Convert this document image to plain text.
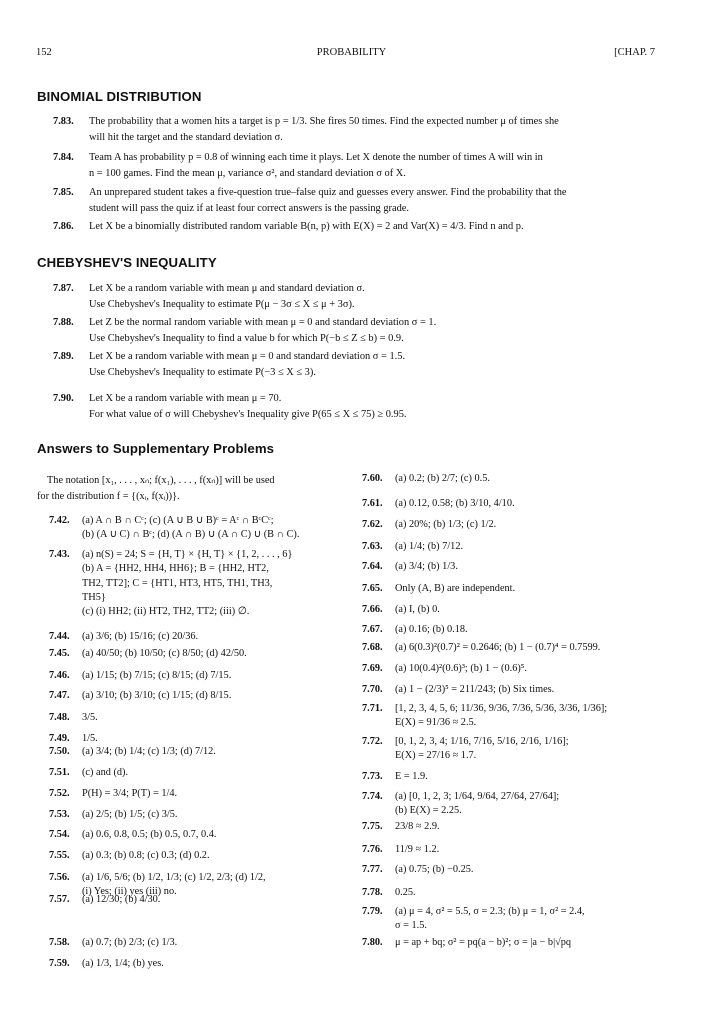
152	PROBABILITY	[CHAP. 7
BINOMIAL DISTRIBUTION
7.83. The probability that a women hits a target is p = 1/3. She fires 50 times. Find the expected number μ of times she
will hit the target and the standard deviation σ.
7.84. Team A has probability p = 0.8 of winning each time it plays. Let X denote the number of times A will win in
n = 100 games. Find the mean μ, variance σ², and standard deviation σ of X.
7.85. An unprepared student takes a five-question true–false quiz and guesses every answer. Find the probability that the
student will pass the quiz if at least four correct answers is the passing grade.
7.86. Let X be a binomially distributed random variable B(n, p) with E(X) = 2 and Var(X) = 4/3. Find n and p.
CHEBYSHEV'S INEQUALITY
7.87. Let X be a random variable with mean μ and standard deviation σ.
Use Chebyshev's Inequality to estimate P(μ − 3σ ≤ X ≤ μ + 3σ).
7.88. Let Z be the normal random variable with mean μ = 0 and standard deviation σ = 1.
Use Chebyshev's Inequality to find a value b for which P(−b ≤ Z ≤ b) = 0.9.
7.89. Let X be a random variable with mean μ = 0 and standard deviation σ = 1.5.
Use Chebyshev's Inequality to estimate P(−3 ≤ X ≤ 3).
7.90. Let X be a random variable with mean μ = 70.
For what value of σ will Chebyshev's Inequality give P(65 ≤ X ≤ 75) ≥ 0.95.
Answers to Supplementary Problems
The notation [x₁, . . . , xₙ; f(x₁), . . . , f(xₙ)] will be used
for the distribution f = {(xᵢ, f(xᵢ))}.
7.42. (a) A ∩ B ∩ Cᶜ; (c) (A ∪ B ∪ B)ᶜ = Aᶜ ∩ BᶜCᶜ;
(b) (A ∪ C) ∩ Bᶜ; (d) (A ∩ B) ∪ (A ∩ C) ∪ (B ∩ C).
7.43. (a) n(S) = 24; S = {H, T} × {H, T} × {1, 2, . . . , 6}
(b) A = {HH2, HH4, HH6}; B = {HH2, HT2,
TH2, TT2]; C = {HT1, HT3, HT5, TH1, TH3,
TH5}
(c) (i) HH2; (ii) HT2, TH2, TT2; (iii) ∅.
7.44. (a) 3/6; (b) 15/16; (c) 20/36.
7.45. (a) 40/50; (b) 10/50; (c) 8/50; (d) 42/50.
7.46. (a) 1/15; (b) 7/15; (c) 8/15; (d) 7/15.
7.47. (a) 3/10; (b) 3/10; (c) 1/15; (d) 8/15.
7.48. 3/5.
7.49. 1/5.
7.50. (a) 3/4; (b) 1/4; (c) 1/3; (d) 7/12.
7.51. (c) and (d).
7.52. P(H) = 3/4; P(T) = 1/4.
7.53. (a) 2/5; (b) 1/5; (c) 3/5.
7.54. (a) 0.6, 0.8, 0.5; (b) 0.5, 0.7, 0.4.
7.55. (a) 0.3; (b) 0.8; (c) 0.3; (d) 0.2.
7.56. (a) 1/6, 5/6; (b) 1/2, 1/3; (c) 1/2, 2/3; (d) 1/2,
(i) Yes; (ii) yes (iii) no.
7.57. (a) 12/30; (b) 4/30.
7.58. (a) 0.7; (b) 2/3; (c) 1/3.
7.59. (a) 1/3, 1/4; (b) yes.
7.60. (a) 0.2; (b) 2/7; (c) 0.5.
7.61. (a) 0.12, 0.58; (b) 3/10, 4/10.
7.62. (a) 20%; (b) 1/3; (c) 1/2.
7.63. (a) 1/4; (b) 7/12.
7.64. (a) 3/4; (b) 1/3.
7.65. Only (A, B) are independent.
7.66. (a) I, (b) 0.
7.67. (a) 0.16; (b) 0.18.
7.68. (a) 6(0.3)²(0.7)² = 0.2646; (b) 1 − (0.7)⁴ = 0.7599.
7.69. (a) 10(0.4)²(0.6)³; (b) 1 − (0.6)⁵.
7.70. (a) 1 − (2/3)⁵ = 211/243; (b) Six times.
7.71. [1, 2, 3, 4, 5, 6; 11/36, 9/36, 7/36, 5/36, 3/36, 1/36];
E(X) = 91/36 ≈ 2.5.
7.72. [0, 1, 2, 3, 4; 1/16, 7/16, 5/16, 2/16, 1/16];
E(X) = 27/16 ≈ 1.7.
7.73. E = 1.9.
7.74. (a) [0, 1, 2, 3; 1/64, 9/64, 27/64, 27/64];
(b) E(X) = 2.25.
7.75. 23/8 ≈ 2.9.
7.76. 11/9 ≈ 1.2.
7.77. (a) 0.75; (b) −0.25.
7.78. 0.25.
7.79. (a) μ = 4, σ² = 5.5, σ = 2.3; (b) μ = 1, σ² = 2.4,
σ = 1.5.
7.80. μ = ap + bq; σ² = pq(a − b)²; σ = |a − b|√pq
